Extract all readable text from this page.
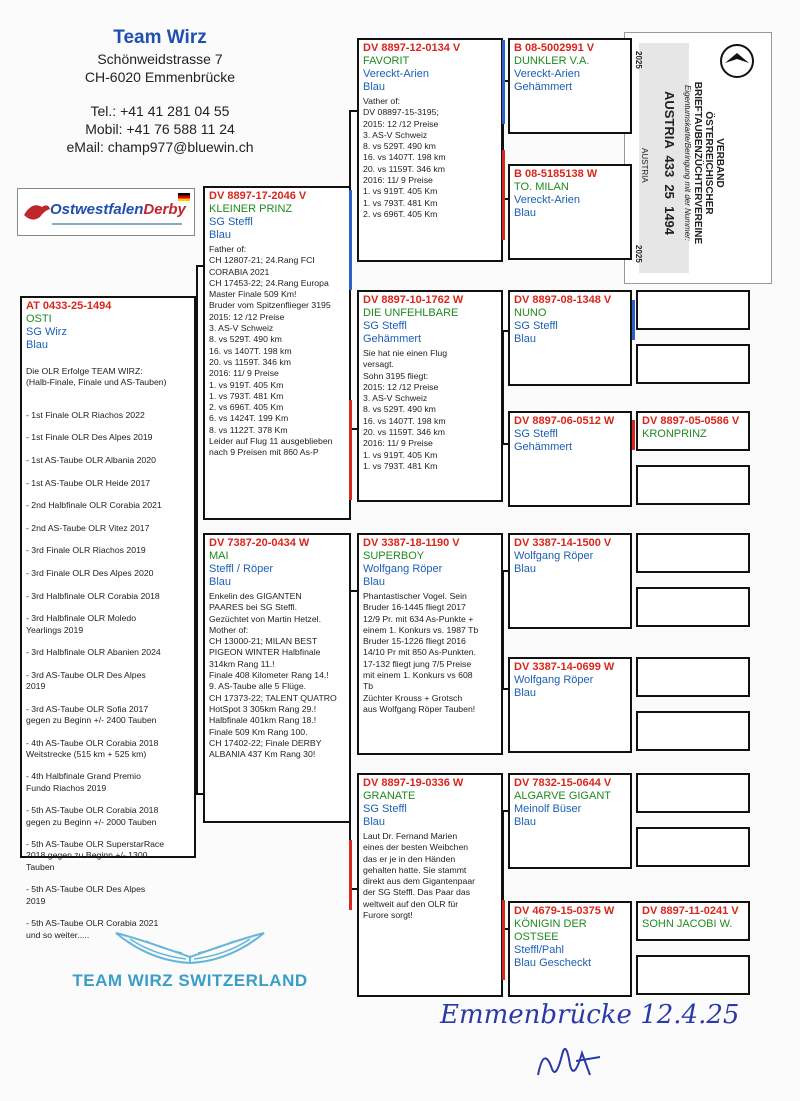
Team Wirz
Schönweidstrasse 7
CH-6020 Emmenbrücke
Tel.: +41 41 281 04 55
Mobil: +41 76 588 11 24
eMail: champ977@bluewin.ch
OstwestfalenDerby
VERBAND
ÖSTERREICHISCHER
BRIEFTAUBENZÜCHTERVEREINE
Eigentumskarte/Beringung mit der Nummer:
AUSTRIA  433  25  1494
AUSTRIA
2025
2025
AT 0433-25-1494
OSTI
SG Wirz
Blau
Die OLR Erfolge TEAM WIRZ:
(Halb-Finale, Finale und AS-Tauben)

- 1st Finale OLR Riachos 2022

- 1st Finale OLR Des Alpes 2019

- 1st AS-Taube OLR Albania 2020

- 1st AS-Taube OLR Heide 2017

- 2nd Halbfinale OLR Corabia 2021

- 2nd AS-Taube OLR Vitez 2017

- 3rd Finale OLR Riachos 2019

- 3rd Finale OLR Des Alpes 2020

- 3rd Halbfinale OLR Corabia 2018

- 3rd Halbfinale OLR Moledo
Yearlings 2019

- 3rd Halbfinale OLR Abanien 2024

- 3rd AS-Taube OLR Des Alpes
2019

- 3rd AS-Taube OLR Sofia 2017
gegen zu Beginn +/- 2400 Tauben

- 4th AS-Taube OLR Corabia 2018
Weitstrecke (515 km + 525 km)

- 4th Halbfinale Grand Premio
Fundo Riachos 2019

- 5th AS-Taube OLR Corabia 2018
gegen zu Beginn +/- 2000 Tauben

- 5th AS-Taube OLR SuperstarRace
2018 gegen zu Beginn +/- 1300
Tauben

- 5th AS-Taube OLR Des Alpes
2019

- 5th AS-Taube OLR Corabia 2021
und so weiter.....

DV 8897-17-2046 V
KLEINER PRINZ
SG Steffl
Blau
Father of:
CH 12807-21; 24.Rang FCI
CORABIA 2021
CH 17453-22; 24.Rang Europa
Master Finale 509 Km!
Bruder vom Spitzenflieger 3195
2015: 12 /12 Preise
3. AS-V Schweiz
8. vs 529T. 490 km
16. vs 1407T. 198 km
20. vs 1159T. 346 km
2016: 11/ 9 Preise
1. vs 919T. 405 Km
1. vs 793T. 481 Km
2. vs 696T. 405 Km
6. vs 1424T. 199 Km
8. vs 1122T. 378 Km
Leider auf Flug 11 ausgeblieben
nach 9 Preisen mit 860 As-P
DV 7387-20-0434 W
MAI
Steffl / Röper
Blau
Enkelin des GIGANTEN
PAARES bei SG Steffl.
Gezüchtet von Martin Hetzel.
Mother of:
CH 13000-21; MILAN BEST
PIGEON WINTER Halbfinale
314km Rang 11.!
Finale 408 Kilometer Rang 14.!
9. AS-Taube alle 5 Flüge.
CH 17373-22; TALENT QUATRO
HotSpot 3 305km Rang 29.!
Halbfinale 401km Rang 18.!
Finale 509 Km Rang 100.
CH 17402-22; Finale DERBY
ALBANIA 437 Km Rang 30!
DV 8897-12-0134 V
FAVORIT
Vereckt-Arien
Blau
Vather of:
DV 08897-15-3195;
2015: 12 /12 Preise
3. AS-V Schweiz
8. vs 529T. 490 km
16. vs 1407T. 198 km
20. vs 1159T. 346 km
2016: 11/ 9 Preise
1. vs 919T. 405 Km
1. vs 793T. 481 Km
2. vs 696T. 405 Km
DV 8897-10-1762 W
DIE UNFEHLBARE
SG Steffl
Gehämmert
Sie hat nie einen Flug
versagt.
Sohn 3195 fliegt:
2015: 12 /12 Preise
3. AS-V Schweiz
8. vs 529T. 490 km
16. vs 1407T. 198 km
20. vs 1159T. 346 km
2016: 11/ 9 Preise
1. vs 919T. 405 Km
1. vs 793T. 481 Km
DV 3387-18-1190 V
SUPERBOY
Wolfgang Röper
Blau
Phantastischer Vogel. Sein
Bruder 16-1445 fliegt 2017
12/9 Pr. mit 634 As-Punkte +
einem 1. Konkurs vs. 1987 Tb
Bruder 15-1226 fliegt 2016
14/10 Pr mit 850 As-Punkten.
17-132 fliegt jung 7/5 Preise
mit einem 1. Konkurs vs 608
Tb
Züchter Krouss + Grotsch
aus Wolfgang Röper Tauben!
DV 8897-19-0336 W
GRANATE
SG Steffl
Blau
Laut Dr. Fernand Marien
eines der besten Weibchen
das er je in den Händen
gehalten hatte. Sie stammt
direkt aus dem Gigantenpaar
der SG Steffl. Das Paar das
weltweit auf den OLR für
Furore sorgt!
B 08-5002991 V
DUNKLER V.A.
Vereckt-Arien
Gehämmert
B 08-5185138 W
TO. MILAN
Vereckt-Arien
Blau
DV 8897-08-1348 V
NUNO
SG Steffl
Blau
DV 8897-06-0512 W
SG Steffl
Gehämmert
DV 3387-14-1500 V
Wolfgang Röper
Blau
DV 3387-14-0699 W
Wolfgang Röper
Blau
DV 7832-15-0644 V
ALGARVE GIGANT
Meinolf Büser
Blau
DV 4679-15-0375 W
KÖNIGIN DER OSTSEE
Steffl/Pahl
Blau Gescheckt
DV 8897-05-0586 V
KRONPRINZ
DV 8897-11-0241 V
SOHN JACOBI W.
TEAM WIRZ SWITZERLAND
Emmenbrücke 12.4.25
